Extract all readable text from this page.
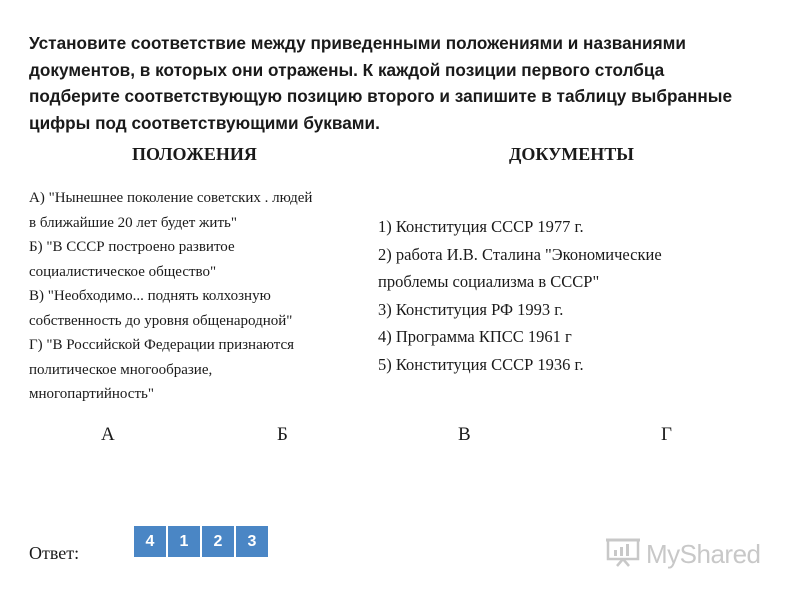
Установите соответствие между приведенными положениями и названиями
документов, в которых они отражены. К каждой позиции первого столбца
подберите соответствующую позицию второго и запишите в таблицу выбранные
цифры под соответствующими буквами.
ПОЛОЖЕНИЯ	ДОКУМЕНТЫ
А) "Нынешнее поколение советских . людей
в ближайшие 20 лет будет жить"
Б) "В СССР построено развитое
социалистическое общество"
В) "Необходимо... поднять колхозную
собственность до уровня общенародной"
Г) "В Российской Федерации признаются
политическое многообразие,
многопартийность"
1) Конституция СССР 1977 г.
2) работа И.В. Сталина "Экономические
проблемы социализма в СССР"
3) Конституция РФ 1993 г.
4) Программа КПСС 1961 г
5) Конституция СССР 1936 г.
А	Б	В	Г
Ответ:
4	1	2	3	MyShared
